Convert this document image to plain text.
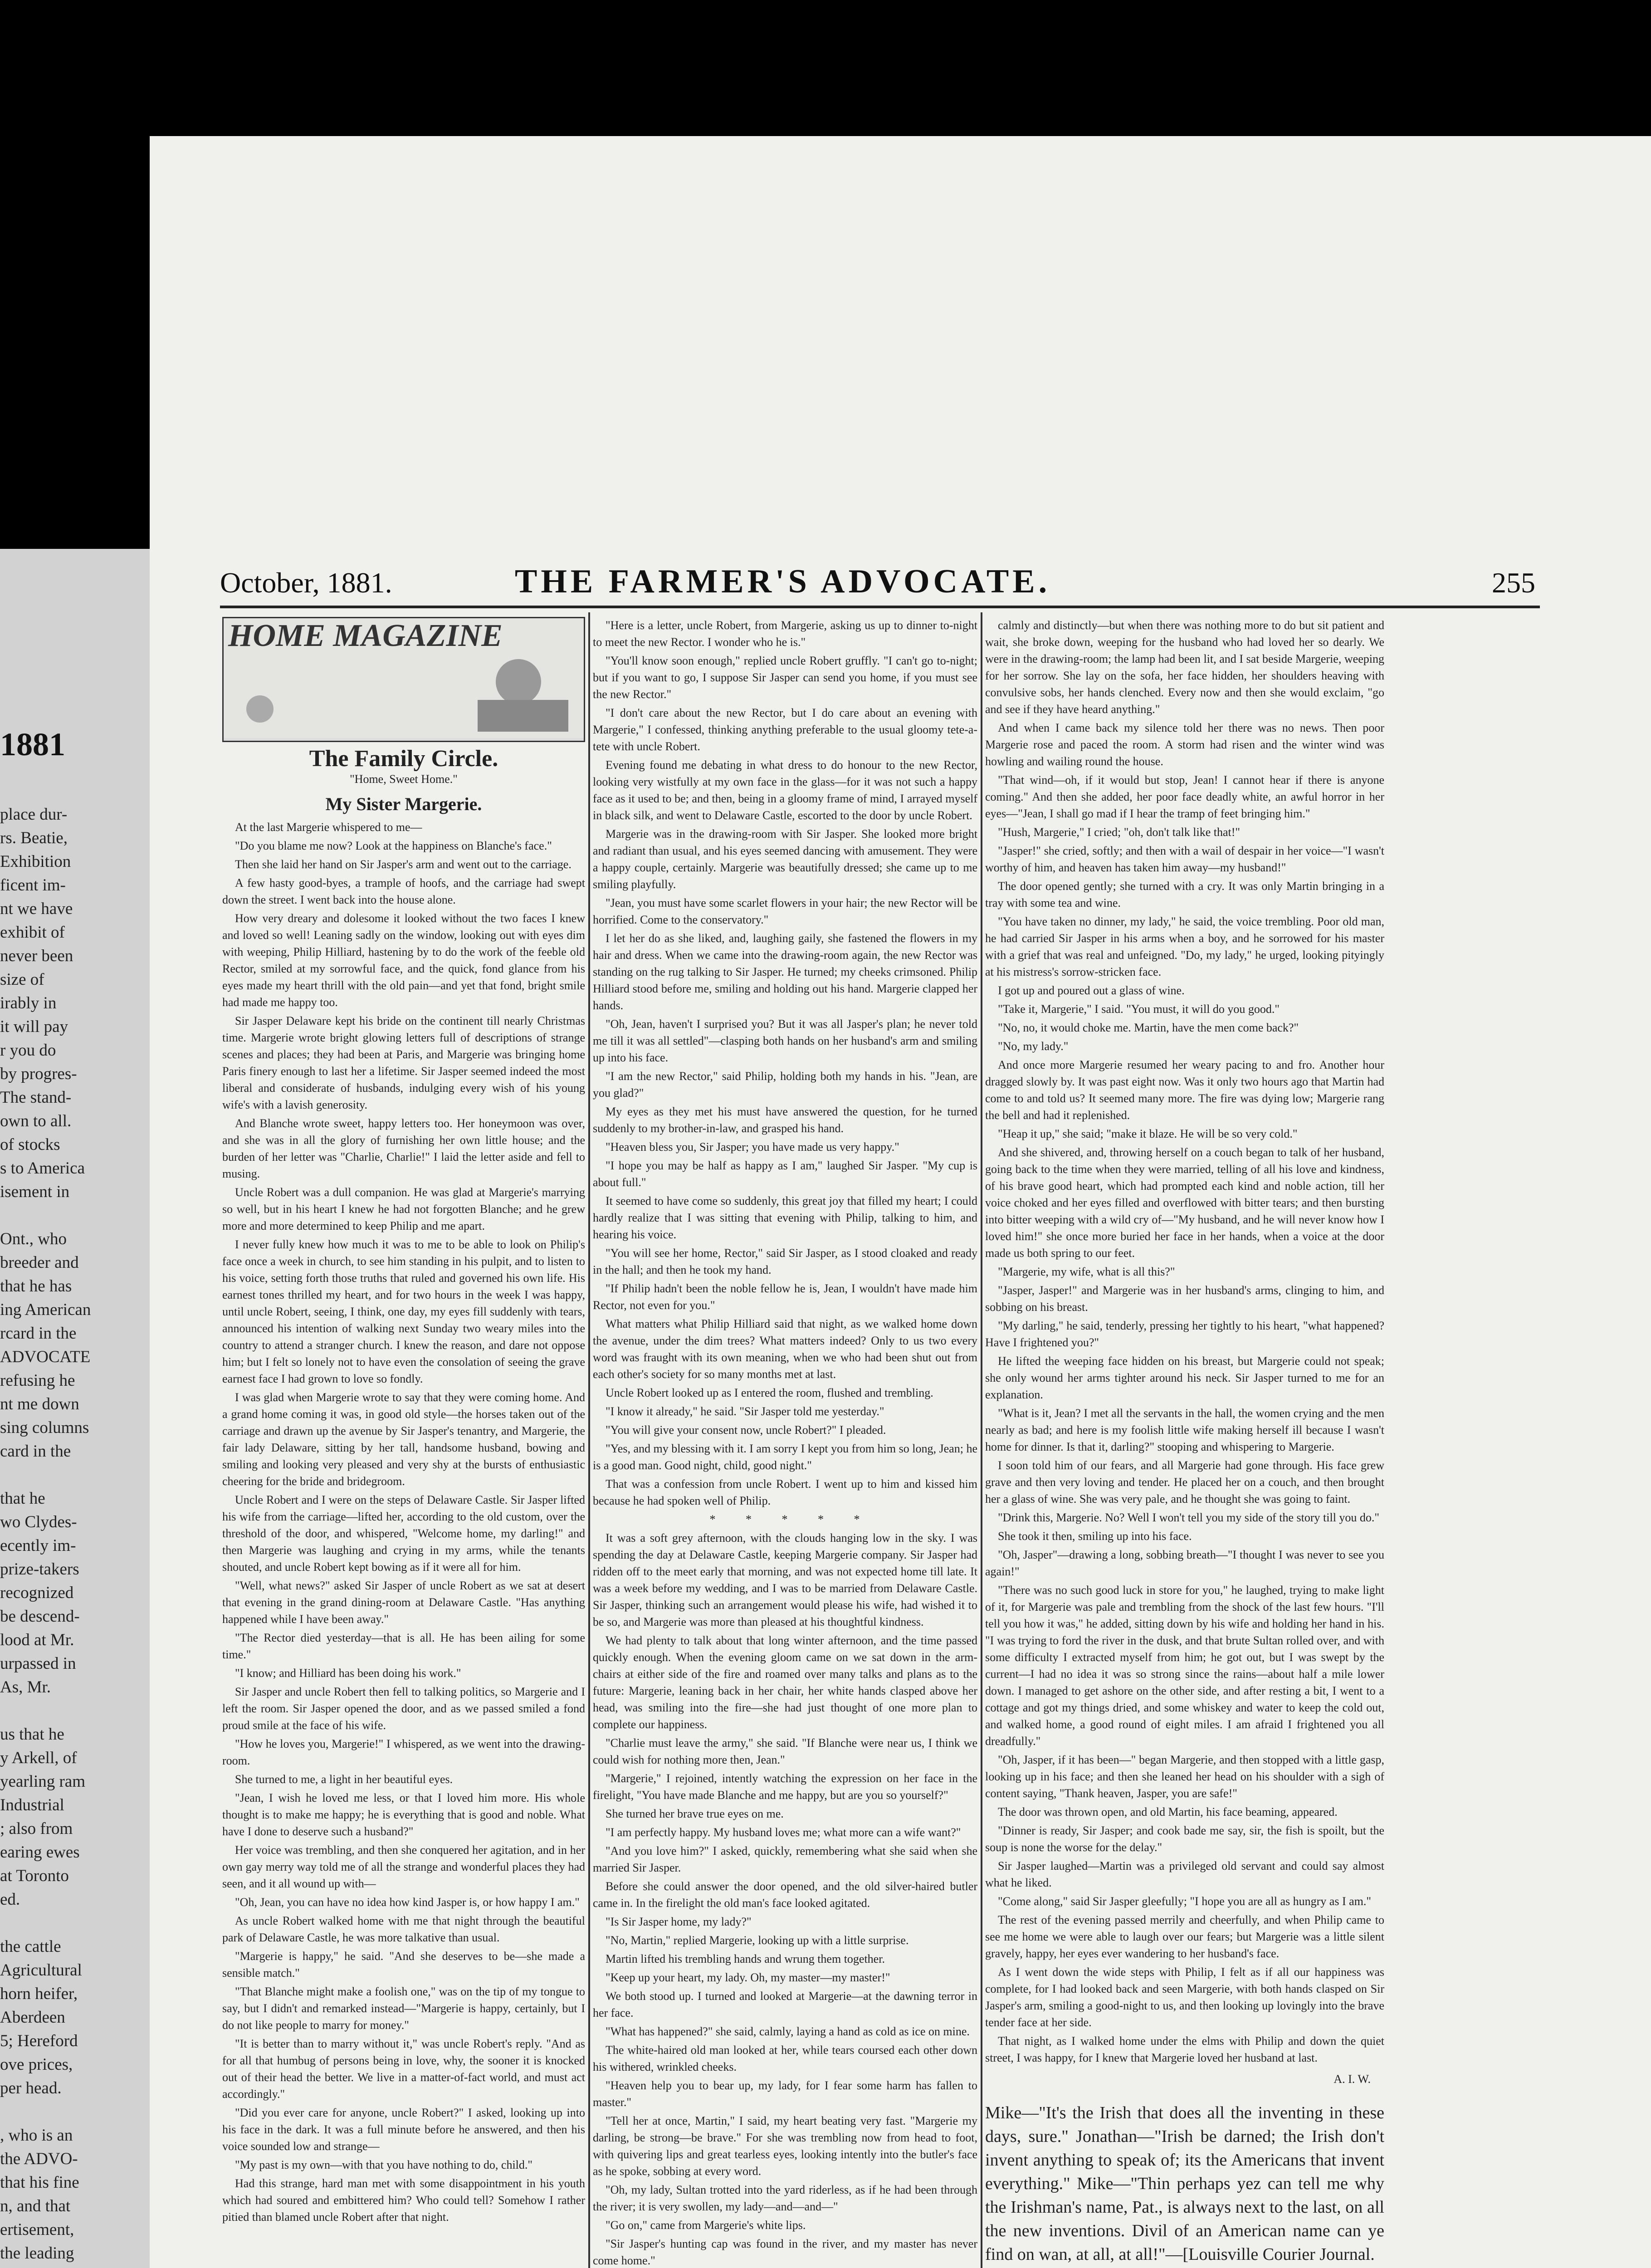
1881
place dur-
rs. Beatie,
Exhibition
ficent im-
nt we have
exhibit of
never been
size of
irably in
it will pay
r you do
by progres-
The stand-
own to all.
of stocks
s to America
isement in

Ont., who
breeder and
that he has
ing American
rcard in the
ADVOCATE
refusing he
nt me down
sing columns
card in the

that he
wo Clydes-
ecently im-
prize-takers
recognized
be descend-
lood at Mr.
urpassed in
As, Mr.

us that he
y Arkell, of
yearling ram
Industrial
; also from
earing ewes
at Toronto
ed.

the cattle
Agricultural
horn heifer,
Aberdeen
5; Hereford
ove prices,
per head.

, who is an
the ADVO-
that his fine
n, and that
ertisement,
the leading

October, 1881.	THE FARMER'S ADVOCATE.	255
HOME MAGAZINE
The Family Circle.
"Home, Sweet Home."
My Sister Margerie.

At the last Margerie whispered to me—

"Do you blame me now? Look at the happiness on Blanche's face."

Then she laid her hand on Sir Jasper's arm and went out to the carriage.

A few hasty good-byes, a trample of hoofs, and the carriage had swept down the street. I went back into the house alone.

How very dreary and dolesome it looked without the two faces I knew and loved so well! Leaning sadly on the window, looking out with eyes dim with weeping, Philip Hilliard, hastening by to do the work of the feeble old Rector, smiled at my sorrowful face, and the quick, fond glance from his eyes made my heart thrill with the old pain—and yet that fond, bright smile had made me happy too.

Sir Jasper Delaware kept his bride on the continent till nearly Christmas time. Margerie wrote bright glowing letters full of descriptions of strange scenes and places; they had been at Paris, and Margerie was bringing home Paris finery enough to last her a lifetime. Sir Jasper seemed indeed the most liberal and considerate of husbands, indulging every wish of his young wife's with a lavish generosity.

And Blanche wrote sweet, happy letters too. Her honeymoon was over, and she was in all the glory of furnishing her own little house; and the burden of her letter was "Charlie, Charlie!" I laid the letter aside and fell to musing.

Uncle Robert was a dull companion. He was glad at Margerie's marrying so well, but in his heart I knew he had not forgotten Blanche; and he grew more and more determined to keep Philip and me apart.

I never fully knew how much it was to me to be able to look on Philip's face once a week in church, to see him standing in his pulpit, and to listen to his voice, setting forth those truths that ruled and governed his own life. His earnest tones thrilled my heart, and for two hours in the week I was happy, until uncle Robert, seeing, I think, one day, my eyes fill suddenly with tears, announced his intention of walking next Sunday two weary miles into the country to attend a stranger church. I knew the reason, and dare not oppose him; but I felt so lonely not to have even the consolation of seeing the grave earnest face I had grown to love so fondly.

I was glad when Margerie wrote to say that they were coming home. And a grand home coming it was, in good old style—the horses taken out of the carriage and drawn up the avenue by Sir Jasper's tenantry, and Margerie, the fair lady Delaware, sitting by her tall, handsome husband, bowing and smiling and looking very pleased and very shy at the bursts of enthusiastic cheering for the bride and bridegroom.

Uncle Robert and I were on the steps of Delaware Castle. Sir Jasper lifted his wife from the carriage—lifted her, according to the old custom, over the threshold of the door, and whispered, "Welcome home, my darling!" and then Margerie was laughing and crying in my arms, while the tenants shouted, and uncle Robert kept bowing as if it were all for him.

"Well, what news?" asked Sir Jasper of uncle Robert as we sat at desert that evening in the grand dining-room at Delaware Castle. "Has anything happened while I have been away."

"The Rector died yesterday—that is all. He has been ailing for some time."

"I know; and Hilliard has been doing his work."

Sir Jasper and uncle Robert then fell to talking politics, so Margerie and I left the room. Sir Jasper opened the door, and as we passed smiled a fond proud smile at the face of his wife.

"How he loves you, Margerie!" I whispered, as we went into the drawing-room.

She turned to me, a light in her beautiful eyes.

"Jean, I wish he loved me less, or that I loved him more. His whole thought is to make me happy; he is everything that is good and noble. What have I done to deserve such a husband?"

Her voice was trembling, and then she conquered her agitation, and in her own gay merry way told me of all the strange and wonderful places they had seen, and it all wound up with—

"Oh, Jean, you can have no idea how kind Jasper is, or how happy I am."

As uncle Robert walked home with me that night through the beautiful park of Delaware Castle, he was more talkative than usual.

"Margerie is happy," he said. "And she deserves to be—she made a sensible match."

"That Blanche might make a foolish one," was on the tip of my tongue to say, but I didn't and remarked instead—"Margerie is happy, certainly, but I do not like people to marry for money."

"It is better than to marry without it," was uncle Robert's reply. "And as for all that humbug of persons being in love, why, the sooner it is knocked out of their head the better. We live in a matter-of-fact world, and must act accordingly."

"Did you ever care for anyone, uncle Robert?" I asked, looking up into his face in the dark. It was a full minute before he answered, and then his voice sounded low and strange—

"My past is my own—with that you have nothing to do, child."

Had this strange, hard man met with some disappointment in his youth which had soured and embittered him? Who could tell? Somehow I rather pitied than blamed uncle Robert after that night.

"Here is a letter, uncle Robert, from Margerie, asking us up to dinner to-night to meet the new Rector. I wonder who he is."

"You'll know soon enough," replied uncle Robert gruffly. "I can't go to-night; but if you want to go, I suppose Sir Jasper can send you home, if you must see the new Rector."

"I don't care about the new Rector, but I do care about an evening with Margerie," I confessed, thinking anything preferable to the usual gloomy tete-a-tete with uncle Robert.

Evening found me debating in what dress to do honour to the new Rector, looking very wistfully at my own face in the glass—for it was not such a happy face as it used to be; and then, being in a gloomy frame of mind, I arrayed myself in black silk, and went to Delaware Castle, escorted to the door by uncle Robert.

Margerie was in the drawing-room with Sir Jasper. She looked more bright and radiant than usual, and his eyes seemed dancing with amusement. They were a happy couple, certainly. Margerie was beautifully dressed; she came up to me smiling playfully.

"Jean, you must have some scarlet flowers in your hair; the new Rector will be horrified. Come to the conservatory."

I let her do as she liked, and, laughing gaily, she fastened the flowers in my hair and dress. When we came into the drawing-room again, the new Rector was standing on the rug talking to Sir Jasper. He turned; my cheeks crimsoned. Philip Hilliard stood before me, smiling and holding out his hand. Margerie clapped her hands.

"Oh, Jean, haven't I surprised you? But it was all Jasper's plan; he never told me till it was all settled"—clasping both hands on her husband's arm and smiling up into his face.

"I am the new Rector," said Philip, holding both my hands in his. "Jean, are you glad?"

My eyes as they met his must have answered the question, for he turned suddenly to my brother-in-law, and grasped his hand.

"Heaven bless you, Sir Jasper; you have made us very happy."

"I hope you may be half as happy as I am," laughed Sir Jasper. "My cup is about full."

It seemed to have come so suddenly, this great joy that filled my heart; I could hardly realize that I was sitting that evening with Philip, talking to him, and hearing his voice.

"You will see her home, Rector," said Sir Jasper, as I stood cloaked and ready in the hall; and then he took my hand.

"If Philip hadn't been the noble fellow he is, Jean, I wouldn't have made him Rector, not even for you."

What matters what Philip Hilliard said that night, as we walked home down the avenue, under the dim trees? What matters indeed? Only to us two every word was fraught with its own meaning, when we who had been shut out from each other's society for so many months met at last.

Uncle Robert looked up as I entered the room, flushed and trembling.

"I know it already," he said. "Sir Jasper told me yesterday."

"You will give your consent now, uncle Robert?" I pleaded.

"Yes, and my blessing with it. I am sorry I kept you from him so long, Jean; he is a good man. Good night, child, good night."

That was a confession from uncle Robert. I went up to him and kissed him because he had spoken well of Philip.

* * * * *

It was a soft grey afternoon, with the clouds hanging low in the sky. I was spending the day at Delaware Castle, keeping Margerie company. Sir Jasper had ridden off to the meet early that morning, and was not expected home till late. It was a week before my wedding, and I was to be married from Delaware Castle. Sir Jasper, thinking such an arrangement would please his wife, had wished it to be so, and Margerie was more than pleased at his thoughtful kindness.

We had plenty to talk about that long winter afternoon, and the time passed quickly enough. When the evening gloom came on we sat down in the arm-chairs at either side of the fire and roamed over many talks and plans as to the future: Margerie, leaning back in her chair, her white hands clasped above her head, was smiling into the fire—she had just thought of one more plan to complete our happiness.

"Charlie must leave the army," she said. "If Blanche were near us, I think we could wish for nothing more then, Jean."

"Margerie," I rejoined, intently watching the expression on her face in the firelight, "You have made Blanche and me happy, but are you so yourself?"

She turned her brave true eyes on me.

"I am perfectly happy. My husband loves me; what more can a wife want?"

"And you love him?" I asked, quickly, remembering what she said when she married Sir Jasper.

Before she could answer the door opened, and the old silver-haired butler came in. In the firelight the old man's face looked agitated.

"Is Sir Jasper home, my lady?"

"No, Martin," replied Margerie, looking up with a little surprise.

Martin lifted his trembling hands and wrung them together.

"Keep up your heart, my lady. Oh, my master—my master!"

We both stood up. I turned and looked at Margerie—at the dawning terror in her face.

"What has happened?" she said, calmly, laying a hand as cold as ice on mine.

The white-haired old man looked at her, while tears coursed each other down his withered, wrinkled cheeks.

"Heaven help you to bear up, my lady, for I fear some harm has fallen to master."

"Tell her at once, Martin," I said, my heart beating very fast. "Margerie my darling, be strong—be brave." For she was trembling now from head to foot, with quivering lips and great tearless eyes, looking intently into the butler's face as he spoke, sobbing at every word.

"Oh, my lady, Sultan trotted into the yard riderless, as if he had been through the river; it is very swollen, my lady—and—and—"

"Go on," came from Margerie's white lips.

"Sir Jasper's hunting cap was found in the river, and my master has never come home."

calmly and distinctly—but when there was nothing more to do but sit patient and wait, she broke down, weeping for the husband who had loved her so dearly. We were in the drawing-room; the lamp had been lit, and I sat beside Margerie, weeping for her sorrow. She lay on the sofa, her face hidden, her shoulders heaving with convulsive sobs, her hands clenched. Every now and then she would exclaim, "go and see if they have heard anything."

And when I came back my silence told her there was no news. Then poor Margerie rose and paced the room. A storm had risen and the winter wind was howling and wailing round the house.

"That wind—oh, if it would but stop, Jean! I cannot hear if there is anyone coming." And then she added, her poor face deadly white, an awful horror in her eyes—"Jean, I shall go mad if I hear the tramp of feet bringing him."

"Hush, Margerie," I cried; "oh, don't talk like that!"

"Jasper!" she cried, softly; and then with a wail of despair in her voice—"I wasn't worthy of him, and heaven has taken him away—my husband!"

The door opened gently; she turned with a cry. It was only Martin bringing in a tray with some tea and wine.

"You have taken no dinner, my lady," he said, the voice trembling. Poor old man, he had carried Sir Jasper in his arms when a boy, and he sorrowed for his master with a grief that was real and unfeigned. "Do, my lady," he urged, looking pityingly at his mistress's sorrow-stricken face.

I got up and poured out a glass of wine.

"Take it, Margerie," I said. "You must, it will do you good."

"No, no, it would choke me. Martin, have the men come back?"

"No, my lady."

And once more Margerie resumed her weary pacing to and fro. Another hour dragged slowly by. It was past eight now. Was it only two hours ago that Martin had come to and told us? It seemed many more. The fire was dying low; Margerie rang the bell and had it replenished.

"Heap it up," she said; "make it blaze. He will be so very cold."

And she shivered, and, throwing herself on a couch began to talk of her husband, going back to the time when they were married, telling of all his love and kindness, of his brave good heart, which had prompted each kind and noble action, till her voice choked and her eyes filled and overflowed with bitter tears; and then bursting into bitter weeping with a wild cry of—"My husband, and he will never know how I loved him!" she once more buried her face in her hands, when a voice at the door made us both spring to our feet.

"Margerie, my wife, what is all this?"

"Jasper, Jasper!" and Margerie was in her husband's arms, clinging to him, and sobbing on his breast.

"My darling," he said, tenderly, pressing her tightly to his heart, "what happened? Have I frightened you?"

He lifted the weeping face hidden on his breast, but Margerie could not speak; she only wound her arms tighter around his neck. Sir Jasper turned to me for an explanation.

"What is it, Jean? I met all the servants in the hall, the women crying and the men nearly as bad; and here is my foolish little wife making herself ill because I wasn't home for dinner. Is that it, darling?" stooping and whispering to Margerie.

I soon told him of our fears, and all Margerie had gone through. His face grew grave and then very loving and tender. He placed her on a couch, and then brought her a glass of wine. She was very pale, and he thought she was going to faint.

"Drink this, Margerie. No? Well I won't tell you my side of the story till you do."

She took it then, smiling up into his face.

"Oh, Jasper"—drawing a long, sobbing breath—"I thought I was never to see you again!"

"There was no such good luck in store for you," he laughed, trying to make light of it, for Margerie was pale and trembling from the shock of the last few hours. "I'll tell you how it was," he added, sitting down by his wife and holding her hand in his. "I was trying to ford the river in the dusk, and that brute Sultan rolled over, and with some difficulty I extracted myself from him; he got out, but I was swept by the current—I had no idea it was so strong since the rains—about half a mile lower down. I managed to get ashore on the other side, and after resting a bit, I went to a cottage and got my things dried, and some whiskey and water to keep the cold out, and walked home, a good round of eight miles. I am afraid I frightened you all dreadfully."

"Oh, Jasper, if it has been—" began Margerie, and then stopped with a little gasp, looking up in his face; and then she leaned her head on his shoulder with a sigh of content saying, "Thank heaven, Jasper, you are safe!"

The door was thrown open, and old Martin, his face beaming, appeared.

"Dinner is ready, Sir Jasper; and cook bade me say, sir, the fish is spoilt, but the soup is none the worse for the delay."

Sir Jasper laughed—Martin was a privileged old servant and could say almost what he liked.

"Come along," said Sir Jasper gleefully; "I hope you are all as hungry as I am."

The rest of the evening passed merrily and cheerfully, and when Philip came to see me home we were able to laugh over our fears; but Margerie was a little silent gravely, happy, her eyes ever wandering to her husband's face.

As I went down the wide steps with Philip, I felt as if all our happiness was complete, for I had looked back and seen Margerie, with both hands clasped on Sir Jasper's arm, smiling a good-night to us, and then looking up lovingly into the brave tender face at her side.

That night, as I walked home under the elms with Philip and down the quiet street, I was happy, for I knew that Margerie loved her husband at last.

A. I. W.
Mike—"It's the Irish that does all the inventing in these days, sure." Jonathan—"Irish be darned; the Irish don't invent anything to speak of; its the Americans that invent everything." Mike—"Thin perhaps yez can tell me why the Irishman's name, Pat., is always next to the last, on all the new inventions. Divil of an American name can ye find on wan, at all, at all!"—[Louisville Courier Journal.
